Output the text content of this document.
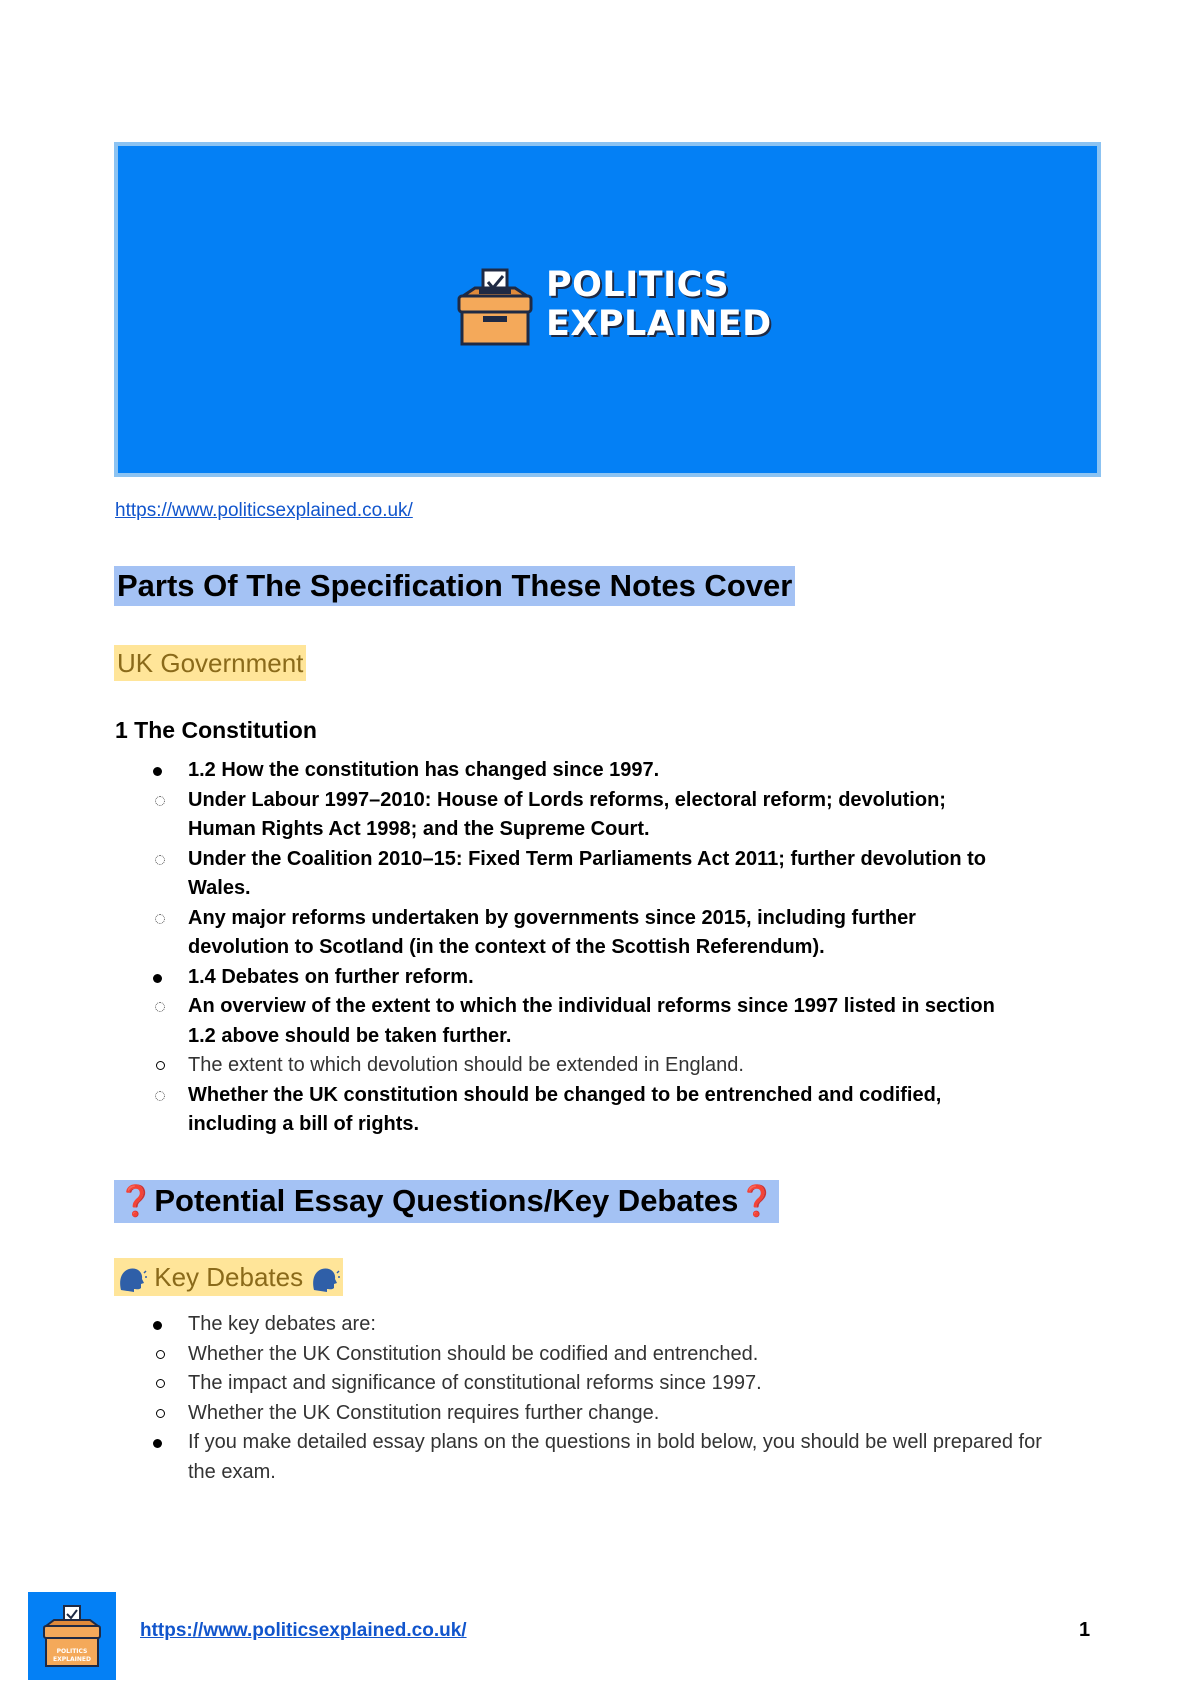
POLITICS
EXPLAINED
https://www.politicsexplained.co.uk/
Parts Of The Specification These Notes Cover
UK Government
1 The Constitution
1.2 How the constitution has changed since 1997.
Under Labour 1997–2010: House of Lords reforms, electoral reform; devolution; Human Rights Act 1998; and the Supreme Court.
Under the Coalition 2010–15: Fixed Term Parliaments Act 2011; further devolution to Wales.
Any major reforms undertaken by governments since 2015, including further devolution to Scotland (in the context of the Scottish Referendum).
1.4 Debates on further reform.
An overview of the extent to which the individual reforms since 1997 listed in section 1.2 above should be taken further.
The extent to which devolution should be extended in England.
Whether the UK constitution should be changed to be entrenched and codified, including a bill of rights.
❓Potential Essay Questions/Key Debates❓
Key Debates
The key debates are:
Whether the UK Constitution should be codified and entrenched.
The impact and significance of constitutional reforms since 1997.
Whether the UK Constitution requires further change.
If you make detailed essay plans on the questions in bold below, you should be well prepared for the exam.
POLITICS
EXPLAINED
https://www.politicsexplained.co.uk/	1
